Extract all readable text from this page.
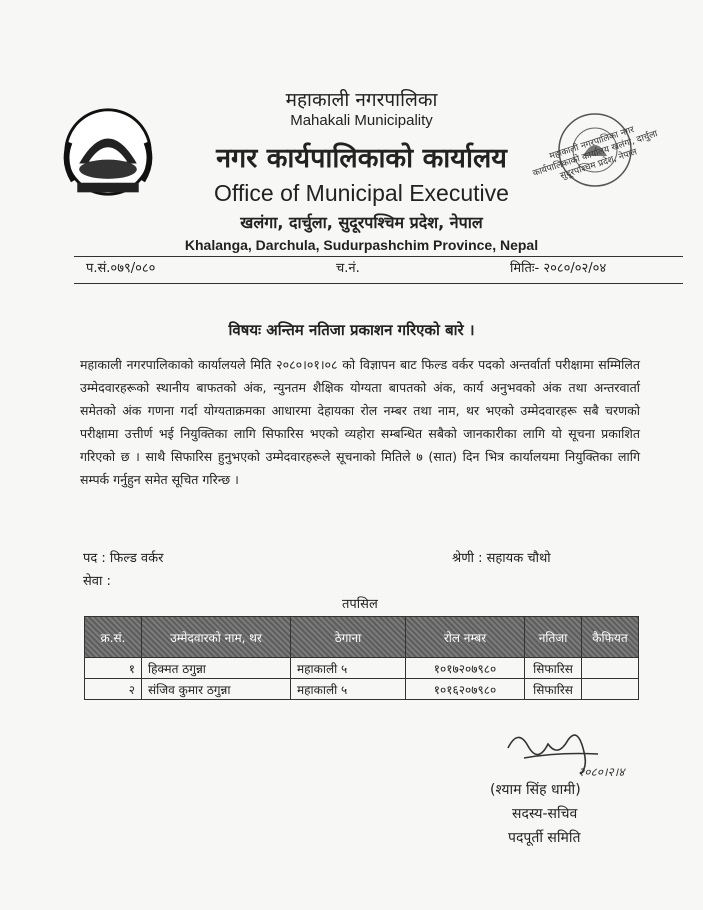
महाकाली नगरपालिका
Mahakali Municipality
नगर कार्यपालिकाको कार्यालय
Office of Municipal Executive
खलंगा, दार्चुला, सुदूरपश्चिम प्रदेश, नेपाल
Khalanga, Darchula, Sudurpashchim Province, Nepal
महाकाली नगरपालिका नगर कार्यपालिकाको कार्यालय खलंगा, दार्चुला सुदूरपश्चिम प्रदेश, नेपाल
प.सं.०७९/०८०	च.नं.	मितिः- २०८०/०२/०४
विषयः अन्तिम नतिजा प्रकाशन गरिएको बारे ।
महाकाली नगरपालिकाको कार्यालयले मिति २०८०।०१।०८ को विज्ञापन बाट फिल्ड वर्कर पदको अन्तर्वार्ता परीक्षामा सम्मिलित उम्मेदवारहरूको स्थानीय बाफतको अंक, न्युनतम शैक्षिक योग्यता बापतको अंक, कार्य अनुभवको अंक तथा अन्तरवार्ता समेतको अंक गणना गर्दा योग्यताक्रमका आधारमा देहायका रोल नम्बर तथा नाम, थर भएको उम्मेदवारहरू सबै चरणको परीक्षामा उत्तीर्ण भई नियुक्तिका लागि सिफारिस भएको व्यहोरा सम्बन्धित सबैको जानकारीका लागि यो सूचना प्रकाशित गरिएको छ । साथै सिफारिस हुनुभएको उम्मेदवारहरूले सूचनाको मितिले ७ (सात) दिन भित्र कार्यालयमा नियुक्तिका लागि सम्पर्क गर्नुहुन समेत सूचित गरिन्छ ।
पद : फिल्ड वर्कर	श्रेणी : सहायक चौथो
सेवा :
तपसिल
क्र.सं.	उम्मेदवारको नाम, थर	ठेगाना	रोल नम्बर	नतिजा	कैफियत
१	हिक्मत ठगुन्ना	महाकाली ५	१०१७२०७९८०	सिफारिस	
२	संजिव कुमार ठगुन्ना	महाकाली ५	१०१६२०७९८०	सिफारिस	
२०८०।२।४
(श्याम सिंह धामी)
सदस्य-सचिव
पदपूर्ती समिति
